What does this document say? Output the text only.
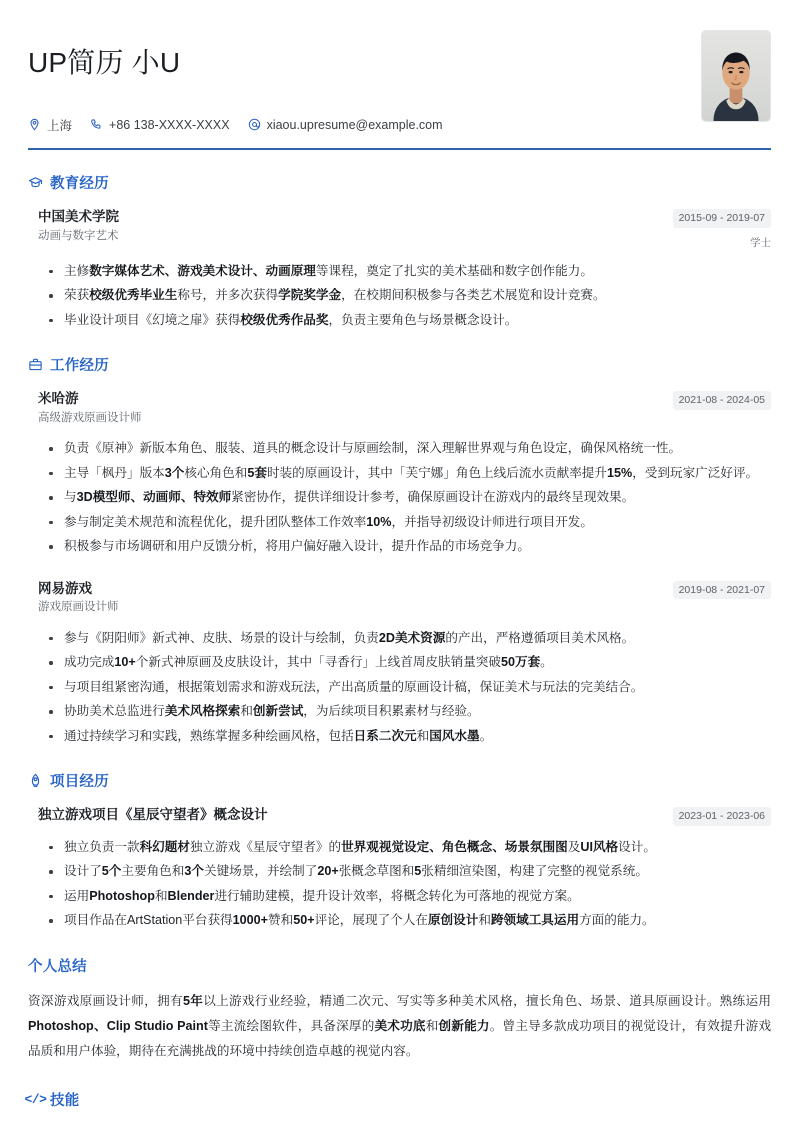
UP简历 小U
上海	+86 138-XXXX-XXXX	xiaou.upresume@example.com
教育经历
中国美术学院
动画与数字艺术
2015-09 - 2019-07
学士
主修数字媒体艺术、游戏美术设计、动画原理等课程，奠定了扎实的美术基础和数字创作能力。
荣获校级优秀毕业生称号，并多次获得学院奖学金，在校期间积极参与各类艺术展览和设计竞赛。
毕业设计项目《幻境之扉》获得校级优秀作品奖，负责主要角色与场景概念设计。
工作经历
米哈游
高级游戏原画设计师
2021-08 - 2024-05
负责《原神》新版本角色、服装、道具的概念设计与原画绘制，深入理解世界观与角色设定，确保风格统一性。
主导「枫丹」版本3个核心角色和5套时装的原画设计，其中「芙宁娜」角色上线后流水贡献率提升15%，受到玩家广泛好评。
与3D模型师、动画师、特效师紧密协作，提供详细设计参考，确保原画设计在游戏内的最终呈现效果。
参与制定美术规范和流程优化，提升团队整体工作效率10%，并指导初级设计师进行项目开发。
积极参与市场调研和用户反馈分析，将用户偏好融入设计，提升作品的市场竞争力。
网易游戏
游戏原画设计师
2019-08 - 2021-07
参与《阴阳师》新式神、皮肤、场景的设计与绘制，负责2D美术资源的产出，严格遵循项目美术风格。
成功完成10+个新式神原画及皮肤设计，其中「寻香行」上线首周皮肤销量突破50万套。
与项目组紧密沟通，根据策划需求和游戏玩法，产出高质量的原画设计稿，保证美术与玩法的完美结合。
协助美术总监进行美术风格探索和创新尝试，为后续项目积累素材与经验。
通过持续学习和实践，熟练掌握多种绘画风格，包括日系二次元和国风水墨。
项目经历
独立游戏项目《星辰守望者》概念设计	2023-01 - 2023-06
独立负责一款科幻题材独立游戏《星辰守望者》的世界观视觉设定、角色概念、场景氛围图及UI风格设计。
设计了5个主要角色和3个关键场景，并绘制了20+张概念草图和5张精细渲染图，构建了完整的视觉系统。
运用Photoshop和Blender进行辅助建模，提升设计效率，将概念转化为可落地的视觉方案。
项目作品在ArtStation平台获得1000+赞和50+评论，展现了个人在原创设计和跨领域工具运用方面的能力。
个人总结

资深游戏原画设计师，拥有5年以上游戏行业经验，精通二次元、写实等多种美术风格，擅长角色、场景、道具原画设计。熟练运用Photoshop、Clip Studio Paint等主流绘图软件，具备深厚的美术功底和创新能力。曾主导多款成功项目的视觉设计，有效提升游戏品质和用户体验，期待在充满挑战的环境中持续创造卓越的视觉内容。

</> 技能
